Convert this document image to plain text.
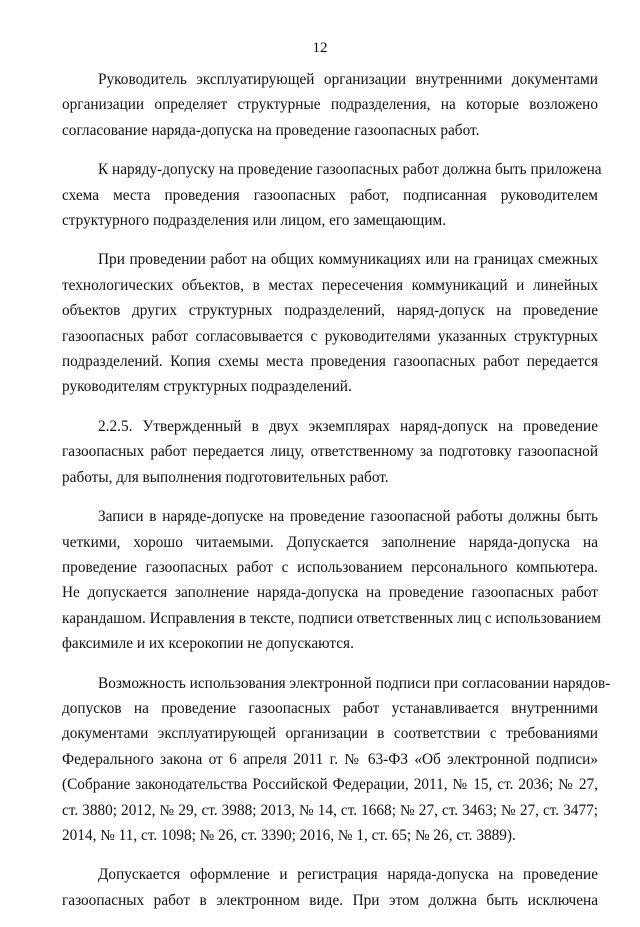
12
Руководитель эксплуатирующей организации внутренними документами
организации определяет структурные подразделения, на которые возложено
согласование наряда-допуска на проведение газоопасных работ.
К наряду-допуску на проведение газоопасных работ должна быть приложена
схема места проведения газоопасных работ, подписанная руководителем
структурного подразделения или лицом, его замещающим.
При проведении работ на общих коммуникациях или на границах смежных
технологических объектов, в местах пересечения коммуникаций и линейных
объектов других структурных подразделений, наряд-допуск на проведение
газоопасных работ согласовывается с руководителями указанных структурных
подразделений. Копия схемы места проведения газоопасных работ передается
руководителям структурных подразделений.
2.2.5. Утвержденный в двух экземплярах наряд-допуск на проведение
газоопасных работ передается лицу, ответственному за подготовку газоопасной
работы, для выполнения подготовительных работ.
Записи в наряде-допуске на проведение газоопасной работы должны быть
четкими, хорошо читаемыми. Допускается заполнение наряда-допуска на
проведение газоопасных работ с использованием персонального компьютера.
Не допускается заполнение наряда-допуска на проведение газоопасных работ
карандашом. Исправления в тексте, подписи ответственных лиц с использованием
факсимиле и их ксерокопии не допускаются.
Возможность использования электронной подписи при согласовании нарядов-
допусков на проведение газоопасных работ устанавливается внутренними
документами эксплуатирующей организации в соответствии с требованиями
Федерального закона от 6 апреля 2011 г. № 63-ФЗ «Об электронной подписи»
(Собрание законодательства Российской Федерации, 2011, № 15, ст. 2036; № 27,
ст. 3880; 2012, № 29, ст. 3988; 2013, № 14, ст. 1668; № 27, ст. 3463; № 27, ст. 3477;
2014, № 11, ст. 1098; № 26, ст. 3390; 2016, № 1, ст. 65; № 26, ст. 3889).
Допускается оформление и регистрация наряда-допуска на проведение
газоопасных работ в электронном виде. При этом должна быть исключена
